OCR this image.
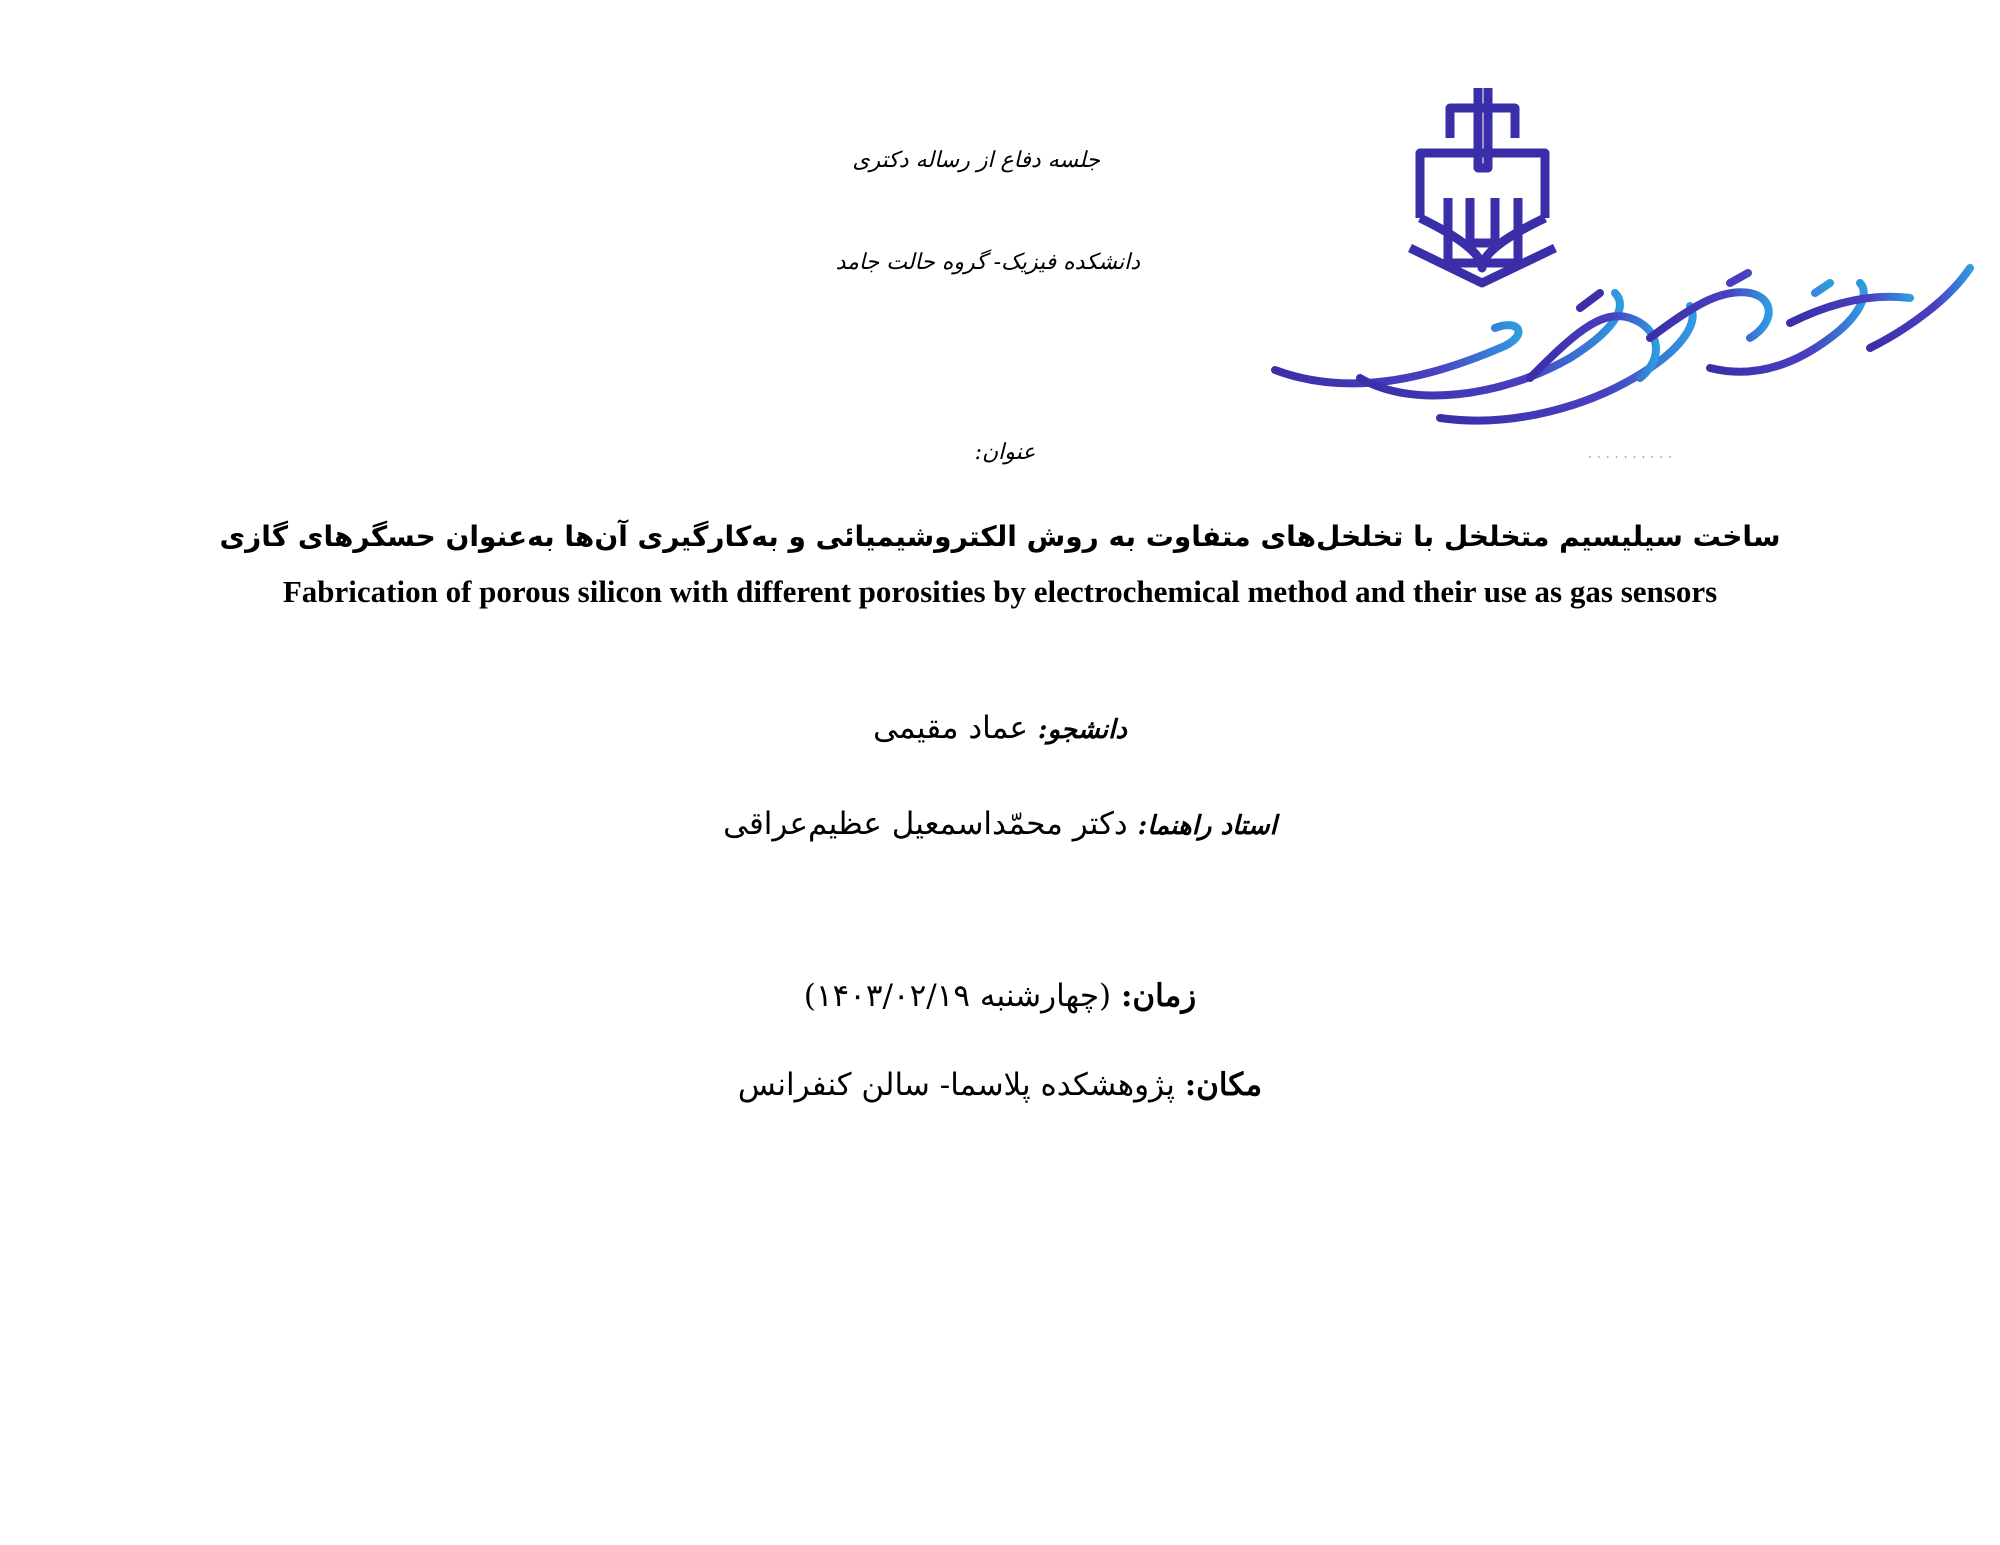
. . . . . . . . . .
جلسه دفاع از رساله دکتری
دانشکده فیزیک- گروه حالت جامد
عنوان:
ساخت سیلیسیم متخلخل با تخلخل‌های متفاوت به روش الکتروشیمیائی و به‌کارگیری آن‌ها به‌عنوان حسگرهای گازی
Fabrication of porous silicon with different porosities by electrochemical method and their use as gas sensors
دانشجو: عماد مقیمی
استاد راهنما: دکتر محمّداسمعیل عظیم‌عراقی
زمان: (چهارشنبه ۱۴۰۳/۰۲/۱۹)
مکان: پژوهشکده پلاسما- سالن کنفرانس
